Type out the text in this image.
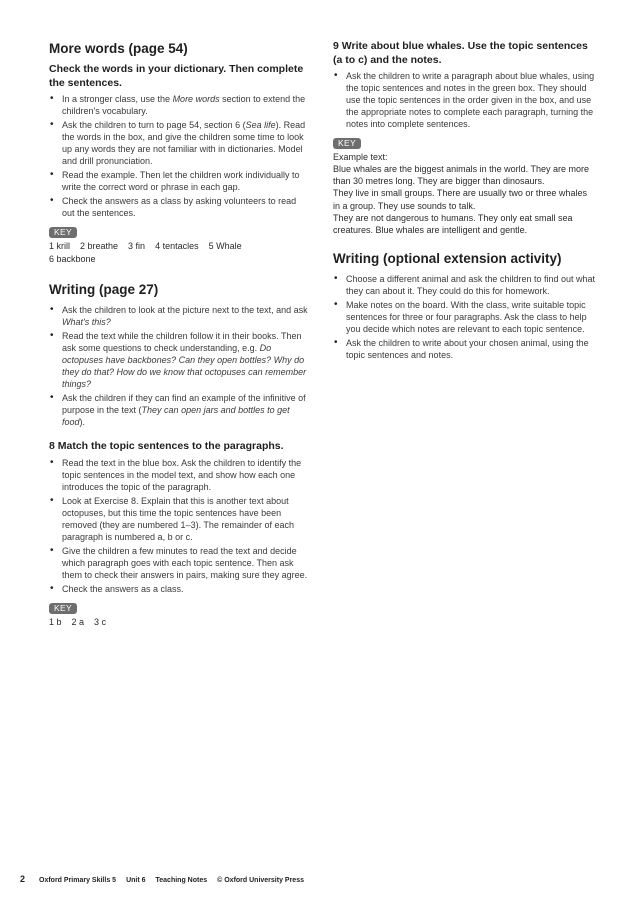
More words (page 54)
Check the words in your dictionary. Then complete the sentences.
• In a stronger class, use the More words section to extend the children's vocabulary.
• Ask the children to turn to page 54, section 6 (Sea life). Read the words in the box, and give the children some time to look up any words they are not familiar with in dictionaries. Model and drill pronunciation.
• Read the example. Then let the children work individually to write the correct word or phrase in each gap.
• Check the answers as a class by asking volunteers to read out the sentences.
KEY
1 krill 2 breathe 3 fin 4 tentacles 5 Whale
6 backbone
Writing (page 27)
• Ask the children to look at the picture next to the text, and ask What's this?
• Read the text while the children follow it in their books. Then ask some questions to check understanding, e.g. Do octopuses have backbones? Can they open bottles? Why do they do that? How do we know that octopuses can remember things?
• Ask the children if they can find an example of the infinitive of purpose in the text (They can open jars and bottles to get food).
8 Match the topic sentences to the paragraphs.
• Read the text in the blue box. Ask the children to identify the topic sentences in the model text, and show how each one introduces the topic of the paragraph.
• Look at Exercise 8. Explain that this is another text about octopuses, but this time the topic sentences have been removed (they are numbered 1–3). The remainder of each paragraph is numbered a, b or c.
• Give the children a few minutes to read the text and decide which paragraph goes with each topic sentence. Then ask them to check their answers in pairs, making sure they agree.
• Check the answers as a class.
KEY
1 b 2 a 3 c
9 Write about blue whales. Use the topic sentences (a to c) and the notes.
• Ask the children to write a paragraph about blue whales, using the topic sentences and notes in the green box. They should use the topic sentences in the order given in the box, and use the appropriate notes to complete each paragraph, turning the notes into complete sentences.
KEY
Example text:

Blue whales are the biggest animals in the world. They are more than 30 metres long. They are bigger than dinosaurs.

They live in small groups. There are usually two or three whales in a group. They use sounds to talk.

They are not dangerous to humans. They only eat small sea creatures. Blue whales are intelligent and gentle.

Writing (optional extension activity)
• Choose a different animal and ask the children to find out what they can about it. They could do this for homework.
• Make notes on the board. With the class, write suitable topic sentences for three or four paragraphs. Ask the class to help you decide which notes are relevant to each topic sentence.
• Ask the children to write about your chosen animal, using the topic sentences and notes.
2 Oxford Primary Skills 5 Unit 6 Teaching Notes © Oxford University Press
